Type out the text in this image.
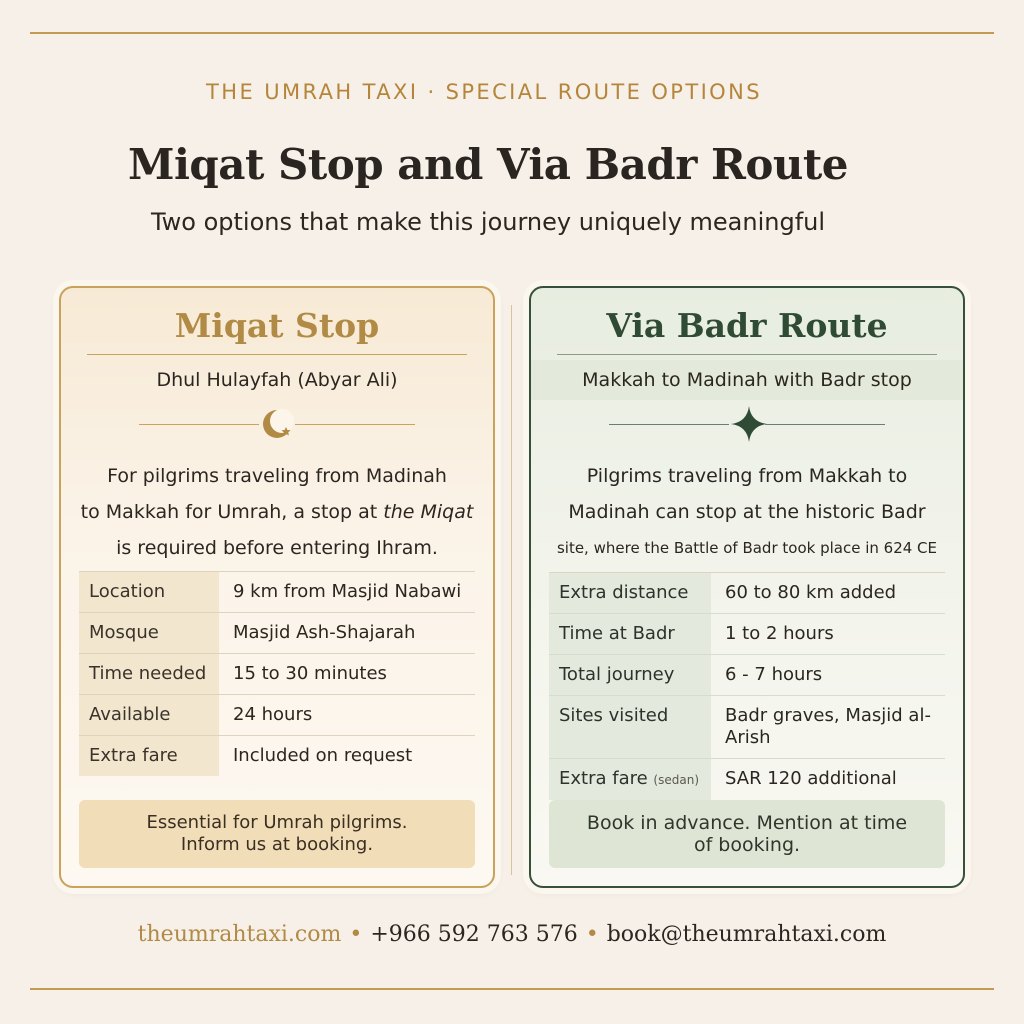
THE UMRAH TAXI · SPECIAL ROUTE OPTIONS
Miqat Stop and Via Badr Route
Two options that make this journey uniquely meaningful
Miqat Stop
Dhul Hulayfah (Abyar Ali)
For pilgrims traveling from Madinah
to Makkah for Umrah, a stop at the Miqat
is required before entering Ihram.
Location	9 km from Masjid Nabawi
Mosque	Masjid Ash-Shajarah
Time needed	15 to 30 minutes
Available	24 hours
Extra fare	Included on request
Essential for Umrah pilgrims.
Inform us at booking.
Via Badr Route
Makkah to Madinah with Badr stop
Pilgrims traveling from Makkah to
Madinah can stop at the historic Badr
site, where the Battle of Badr took place in 624 CE
Extra distance	60 to 80 km added
Time at Badr	1 to 2 hours
Total journey	6 - 7 hours
Sites visited	Badr graves, Masjid al-Arish
Extra fare (sedan)	SAR 120 additional
Book in advance. Mention at time
of booking.
theumrahtaxi.com • +966 592 763 576 • book@theumrahtaxi.com
